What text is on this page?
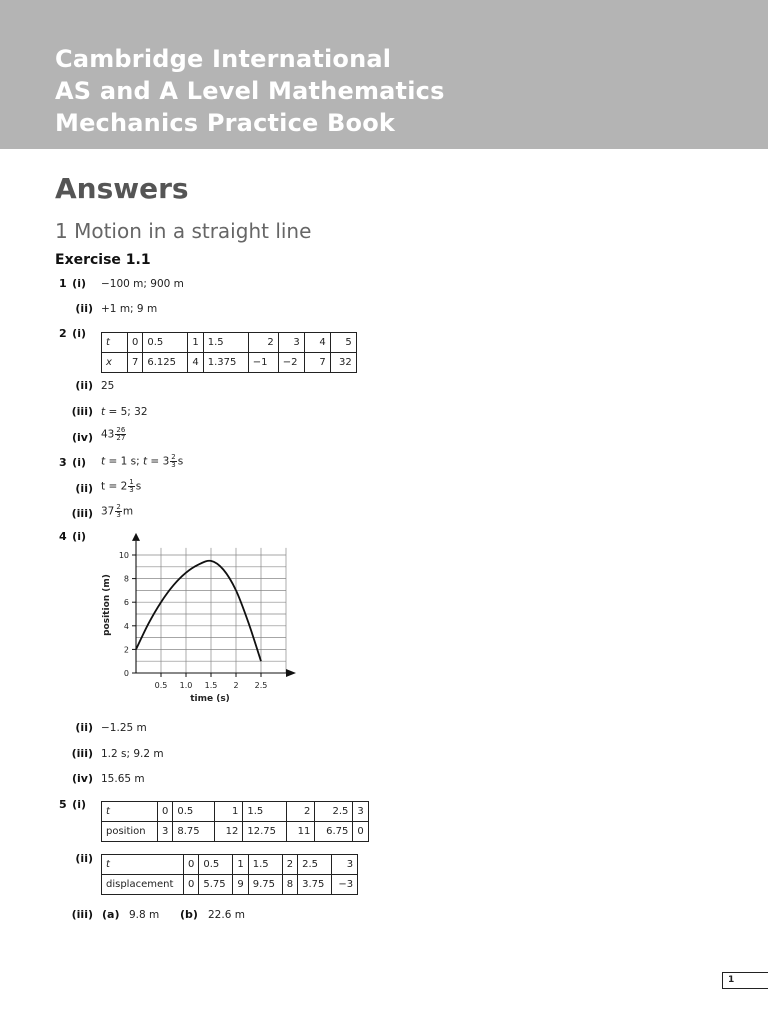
Cambridge International
AS and A Level Mathematics
Mechanics Practice Book
Answers
1 Motion in a straight line
Exercise 1.1
1 (i) −100 m; 900 m
(ii) +1 m; 9 m
2 (i)
t	0	0.5	1	1.5	2	3	4	5
x	7	6.125	4	1.375	−1	−2	7	32
(ii) 25
(iii) t = 5; 32
(iv) $43 \frac{26}{27}$
3 (i) t = 1 s; $t = 3 \frac{2}{3}$ s
(ii) $t = 2 \frac{1}{3}$ s
(iii) $37 \frac{2}{3}$ m
4 (i)
0
2
4
6
8
10
0.5 1.0 1.5 2 2.5
time (s)
position (m)
(ii) −1.25 m
(iii) 1.2 s; 9.2 m
(iv) 15.65 m
5 (i)
t	0	0.5	1	1.5	2	2.5	3
position	3	8.75	12	12.75	11	6.75	0
(ii) t	0	0.5	1	1.5	2	2.5	3
displacement	0	5.75	9	9.75	8	3.75	−3
(iii) (a) 9.8 m (b) 22.6 m
1
